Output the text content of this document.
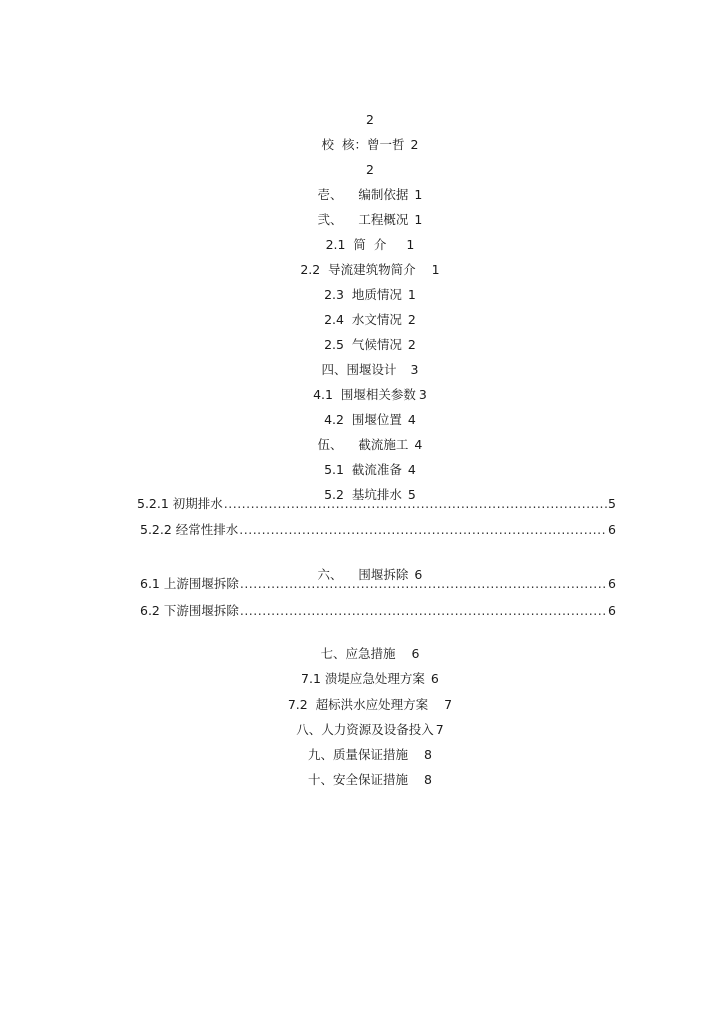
2

校  核：曾一哲 2

2

壱、    编制依据 1

弐、    工程概况 1

2.1  简  介 1

2.2  导流建筑物简介 1

2.3  地质情况 1

2.4  水文情况 2

2.5  气候情况 2

四、围堰设计 3

4.1  围堰相关参数 3

4.2  围堰位置 4

伍、    截流施工 4

5.1  截流准备 4

5.2  基坑排水 5

5.2.1 初期排水 .....	5
5.2.2 经常性排水 .....	6

六、    围堰拆除 6

6.1 上游围堰拆除 .....	6
6.2 下游围堰拆除 .....	6

七、应急措施 6

7.1 溃堤应急处理方案 6

7.2  超标洪水应处理方案 7

八、人力资源及设备投入 7

九、质量保证措施 8

十、安全保证措施 8
